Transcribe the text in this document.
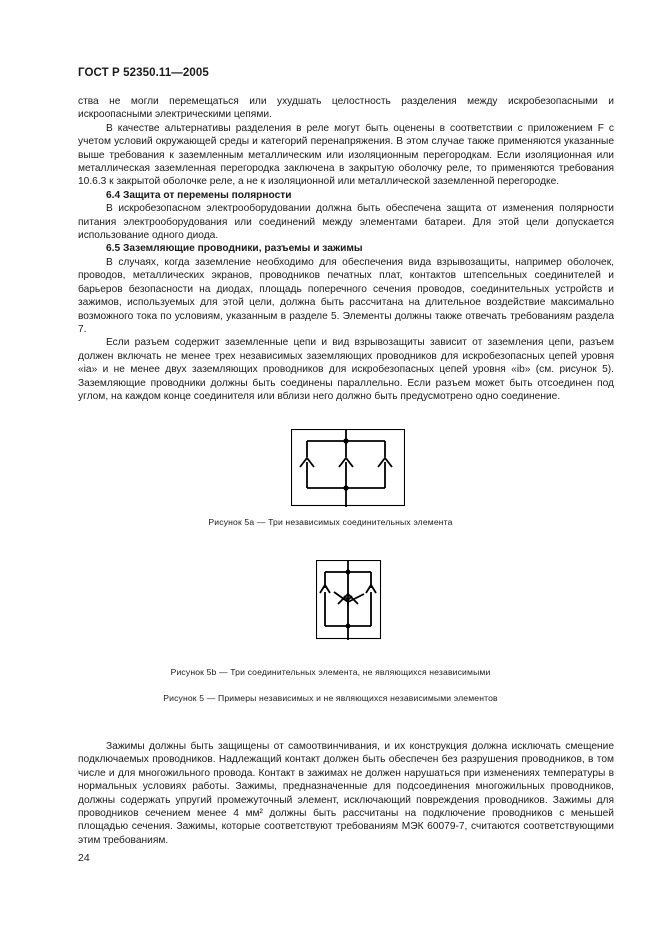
ГОСТ Р 52350.11—2005

ства не могли перемещаться или ухудшать целостность разделения между искробезопасными и искроопасными электрическими цепями.

В качестве альтернативы разделения в реле могут быть оценены в соответствии с приложением F с учетом условий окружающей среды и категорий перенапряжения. В этом случае также применяются указанные выше требования к заземленным металлическим или изоляционным перегородкам. Если изоляционная или металлическая заземленная перегородка заключена в закрытую оболочку реле, то применяются требования 10.6.3 к закрытой оболочке реле, а не к изоляционной или металлической заземленной перегородке.

6.4 Защита от перемены полярности

В искробезопасном электрооборудовании должна быть обеспечена защита от изменения полярности питания электрооборудования или соединений между элементами батареи. Для этой цели допускается использование одного диода.

6.5 Заземляющие проводники, разъемы и зажимы

В случаях, когда заземление необходимо для обеспечения вида взрывозащиты, например оболочек, проводов, металлических экранов, проводников печатных плат, контактов штепсельных соединителей и барьеров безопасности на диодах, площадь поперечного сечения проводов, соединительных устройств и зажимов, используемых для этой цели, должна быть рассчитана на длительное воздействие максимально возможного тока по условиям, указанным в разделе 5. Элементы должны также отвечать требованиям раздела 7.

Если разъем содержит заземленные цепи и вид взрывозащиты зависит от заземления цепи, разъем должен включать не менее трех независимых заземляющих проводников для искробезопасных цепей уровня «ia» и не менее двух заземляющих проводников для искробезопасных цепей уровня «ib» (см. рисунок 5). Заземляющие проводники должны быть соединены параллельно. Если разъем может быть отсоединен под углом, на каждом конце соединителя или вблизи него должно быть предусмотрено одно соединение.

Рисунок 5а — Три независимых соединительных элемента
Рисунок 5b — Три соединительных элемента, не являющихся независимыми
Рисунок 5 — Примеры независимых и не являющихся независимыми элементов

Зажимы должны быть защищены от самоотвинчивания, и их конструкция должна исключать смещение подключаемых проводников. Надлежащий контакт должен быть обеспечен без разрушения проводников, в том числе и для многожильного провода. Контакт в зажимах не должен нарушаться при изменениях температуры в нормальных условиях работы. Зажимы, предназначенные для подсоединения многожильных проводников, должны содержать упругий промежуточный элемент, исключающий повреждения проводников. Зажимы для проводников сечением менее 4 мм² должны быть рассчитаны на подключение проводников с меньшей площадью сечения. Зажимы, которые соответствуют требованиям МЭК 60079-7, считаются соответствующими этим требованиям.

24
